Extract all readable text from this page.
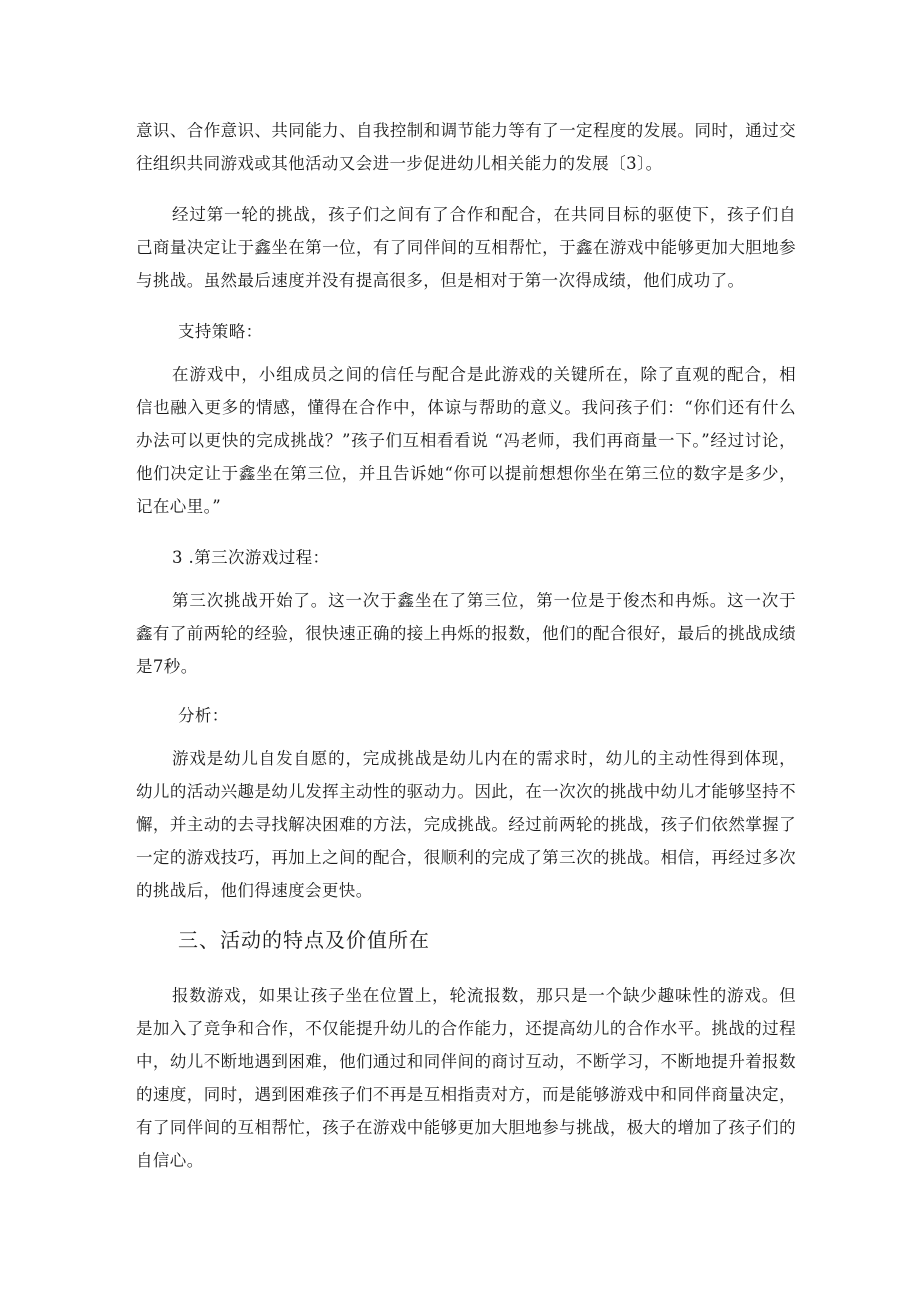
意识、合作意识、共同能力、自我控制和调节能力等有了一定程度的发展。同时，通过交往组织共同游戏或其他活动又会进一步促进幼儿相关能力的发展〔3〕。

经过第一轮的挑战，孩子们之间有了合作和配合，在共同目标的驱使下，孩子们自己商量决定让于鑫坐在第一位，有了同伴间的互相帮忙，于鑫在游戏中能够更加大胆地参与挑战。虽然最后速度并没有提高很多，但是相对于第一次得成绩，他们成功了。

支持策略：

在游戏中，小组成员之间的信任与配合是此游戏的关键所在，除了直观的配合，相信也融入更多的情感，懂得在合作中，体谅与帮助的意义。我问孩子们：“你们还有什么办法可以更快的完成挑战？”孩子们互相看看说 “冯老师，我们再商量一下。”经过讨论，他们决定让于鑫坐在第三位，并且告诉她“你可以提前想想你坐在第三位的数字是多少，记在心里。”

3 .第三次游戏过程：

第三次挑战开始了。这一次于鑫坐在了第三位，第一位是于俊杰和冉烁。这一次于鑫有了前两轮的经验，很快速正确的接上冉烁的报数，他们的配合很好，最后的挑战成绩是7秒。

分析：

游戏是幼儿自发自愿的，完成挑战是幼儿内在的需求时，幼儿的主动性得到体现，幼儿的活动兴趣是幼儿发挥主动性的驱动力。因此，在一次次的挑战中幼儿才能够坚持不懈，并主动的去寻找解决困难的方法，完成挑战。经过前两轮的挑战，孩子们依然掌握了一定的游戏技巧，再加上之间的配合，很顺利的完成了第三次的挑战。相信，再经过多次的挑战后，他们得速度会更快。

三、活动的特点及价值所在

报数游戏，如果让孩子坐在位置上，轮流报数，那只是一个缺少趣味性的游戏。但是加入了竞争和合作，不仅能提升幼儿的合作能力，还提高幼儿的合作水平。挑战的过程中，幼儿不断地遇到困难，他们通过和同伴间的商讨互动，不断学习，不断地提升着报数的速度，同时，遇到困难孩子们不再是互相指责对方，而是能够游戏中和同伴商量决定，有了同伴间的互相帮忙，孩子在游戏中能够更加大胆地参与挑战，极大的增加了孩子们的自信心。
